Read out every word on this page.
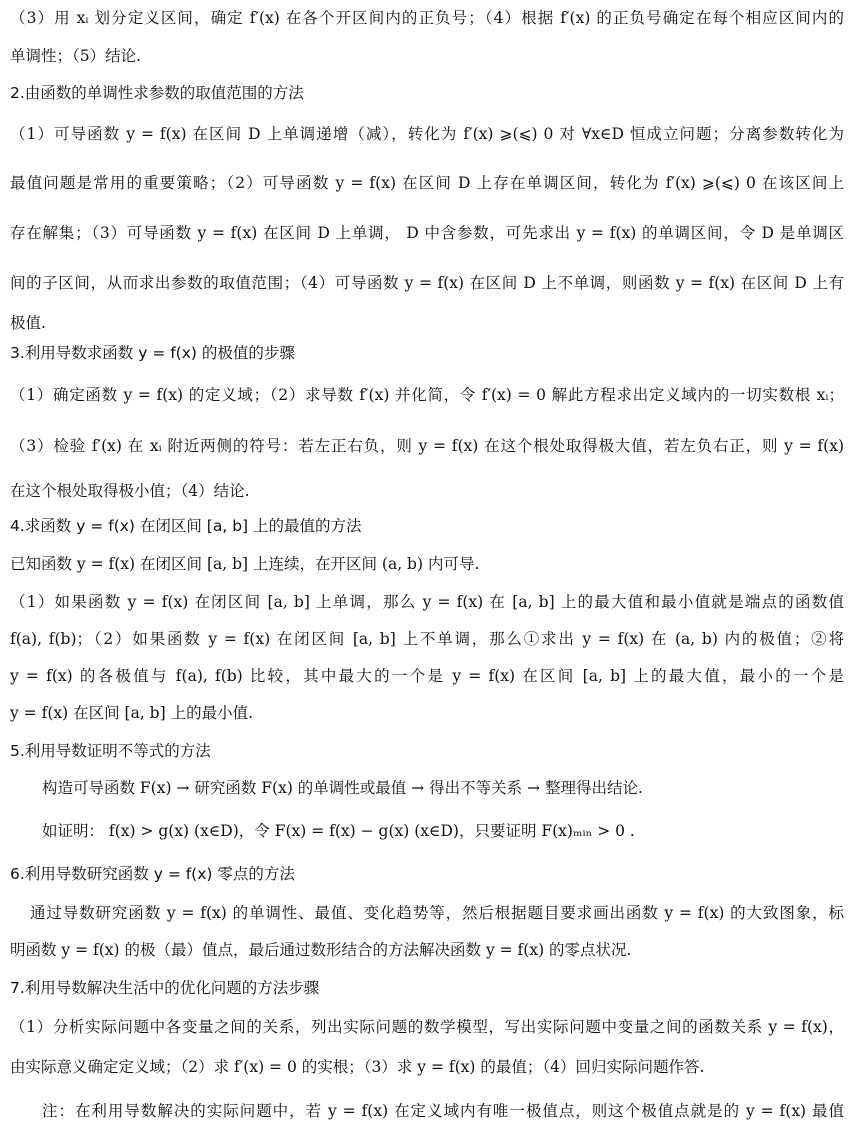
（3）用 xᵢ 划分定义区间，确定 f′(x) 在各个开区间内的正负号；（4）根据 f′(x) 的正负号确定在每个相应区间内的
单调性；（5）结论.
2.由函数的单调性求参数的取值范围的方法
（1）可导函数 y = f(x) 在区间 D 上单调递增（减），转化为 f′(x) ⩾(⩽) 0 对 ∀x∈D 恒成立问题；分离参数转化为
最值问题是常用的重要策略；（2）可导函数 y = f(x) 在区间 D 上存在单调区间，转化为 f′(x) ⩾(⩽) 0 在该区间上
存在解集；（3）可导函数 y = f(x) 在区间 D 上单调， D 中含参数，可先求出 y = f(x) 的单调区间，令 D 是单调区
间的子区间，从而求出参数的取值范围；（4）可导函数 y = f(x) 在区间 D 上不单调，则函数 y = f(x) 在区间 D 上有
极值.
3.利用导数求函数 y = f(x) 的极值的步骤
（1）确定函数 y = f(x) 的定义域；（2）求导数 f′(x) 并化简，令 f′(x) = 0 解此方程求出定义域内的一切实数根 xᵢ；
（3）检验 f′(x) 在 xᵢ 附近两侧的符号：若左正右负，则 y = f(x) 在这个根处取得极大值，若左负右正，则 y = f(x)
在这个根处取得极小值；（4）结论.
4.求函数 y = f(x) 在闭区间 [a, b] 上的最值的方法
已知函数 y = f(x) 在闭区间 [a, b] 上连续，在开区间 (a, b) 内可导.
（1）如果函数 y = f(x) 在闭区间 [a, b] 上单调，那么 y = f(x) 在 [a, b] 上的最大值和最小值就是端点的函数值
f(a), f(b)；（2）如果函数 y = f(x) 在闭区间 [a, b] 上不单调，那么①求出 y = f(x) 在 (a, b) 内的极值；②将
y = f(x) 的各极值与 f(a), f(b) 比较，其中最大的一个是 y = f(x) 在区间 [a, b] 上的最大值，最小的一个是
y = f(x) 在区间 [a, b] 上的最小值.
5.利用导数证明不等式的方法
构造可导函数 F(x) → 研究函数 F(x) 的单调性或最值 → 得出不等关系 → 整理得出结论.
如证明： f(x) > g(x) (x∈D)，令 F(x) = f(x) − g(x) (x∈D)，只要证明 F(x)ₘᵢₙ > 0 .
6.利用导数研究函数 y = f(x) 零点的方法
通过导数研究函数 y = f(x) 的单调性、最值、变化趋势等，然后根据题目要求画出函数 y = f(x) 的大致图象，标
明函数 y = f(x) 的极（最）值点，最后通过数形结合的方法解决函数 y = f(x) 的零点状况.
7.利用导数解决生活中的优化问题的方法步骤
（1）分析实际问题中各变量之间的关系，列出实际问题的数学模型，写出实际问题中变量之间的函数关系 y = f(x)，
由实际意义确定定义域；（2）求 f′(x) = 0 的实根；（3）求 y = f(x) 的最值；（4）回归实际问题作答.
注：在利用导数解决的实际问题中，若 y = f(x) 在定义域内有唯一极值点，则这个极值点就是的 y = f(x) 最值
